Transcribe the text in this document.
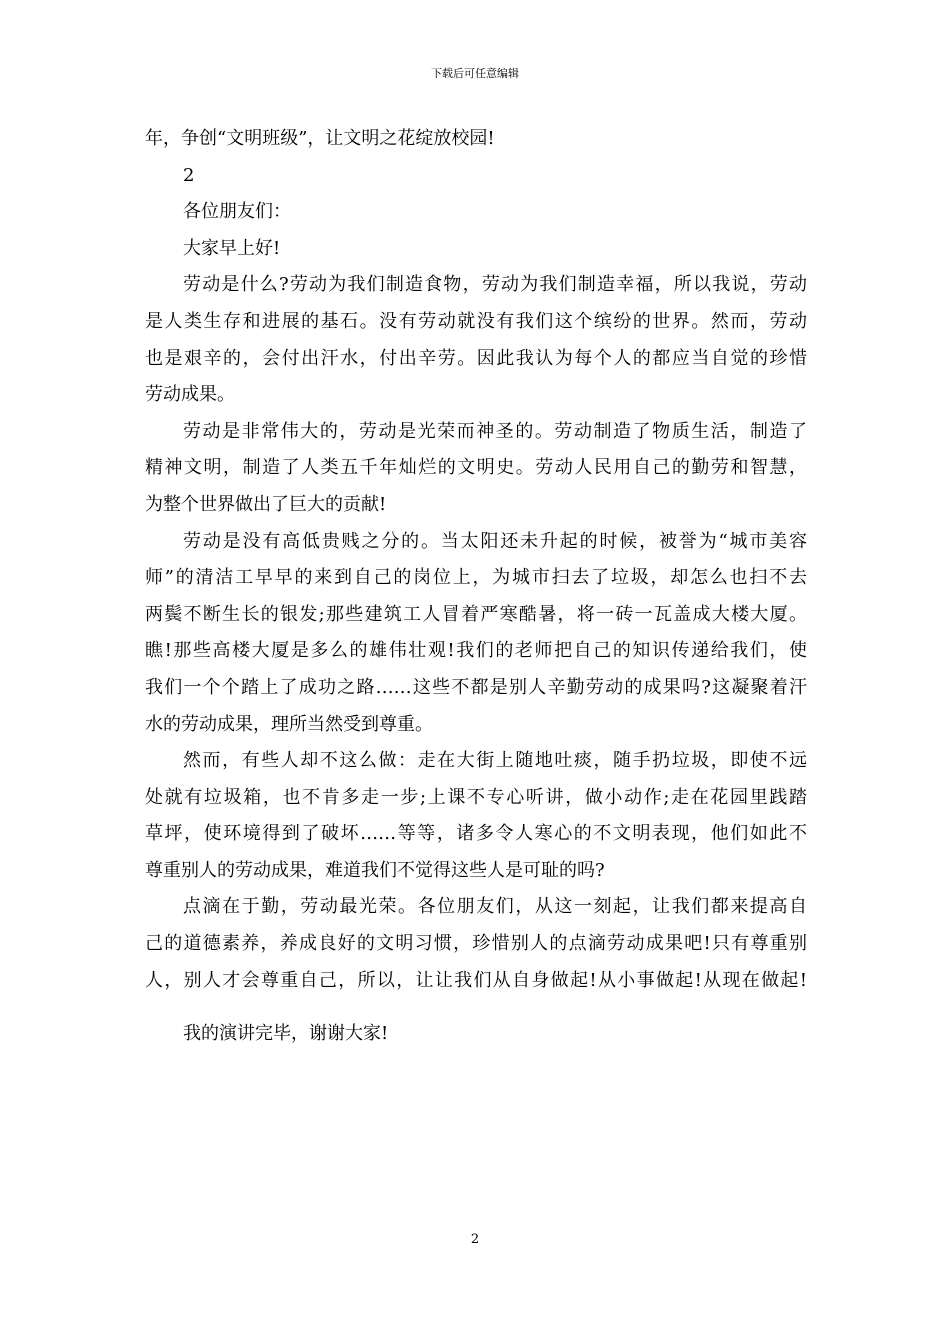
下载后可任意编辑
年，争创“文明班级”，让文明之花绽放校园!
2
各位朋友们：
大家早上好!
劳动是什么?劳动为我们制造食物，劳动为我们制造幸福，所以我说，劳动
是人类生存和进展的基石。没有劳动就没有我们这个缤纷的世界。然而，劳动
也是艰辛的，会付出汗水，付出辛劳。因此我认为每个人的都应当自觉的珍惜
劳动成果。
劳动是非常伟大的，劳动是光荣而神圣的。劳动制造了物质生活，制造了
精神文明，制造了人类五千年灿烂的文明史。劳动人民用自己的勤劳和智慧，
为整个世界做出了巨大的贡献!
劳动是没有高低贵贱之分的。当太阳还未升起的时候，被誉为“城市美容
师”的清洁工早早的来到自己的岗位上，为城市扫去了垃圾，却怎么也扫不去
两鬓不断生长的银发;那些建筑工人冒着严寒酷暑，将一砖一瓦盖成大楼大厦。
瞧!那些高楼大厦是多么的雄伟壮观!我们的老师把自己的知识传递给我们，使
我们一个个踏上了成功之路……这些不都是别人辛勤劳动的成果吗?这凝聚着汗
水的劳动成果，理所当然受到尊重。
然而，有些人却不这么做：走在大街上随地吐痰，随手扔垃圾，即使不远
处就有垃圾箱，也不肯多走一步;上课不专心听讲，做小动作;走在花园里践踏
草坪，使环境得到了破坏……等等，诸多令人寒心的不文明表现，他们如此不
尊重别人的劳动成果，难道我们不觉得这些人是可耻的吗?
点滴在于勤，劳动最光荣。各位朋友们，从这一刻起，让我们都来提高自
己的道德素养，养成良好的文明习惯，珍惜别人的点滴劳动成果吧!只有尊重别
人，别人才会尊重自己，所以，让让我们从自身做起!从小事做起!从现在做起!
我的演讲完毕，谢谢大家!
2
